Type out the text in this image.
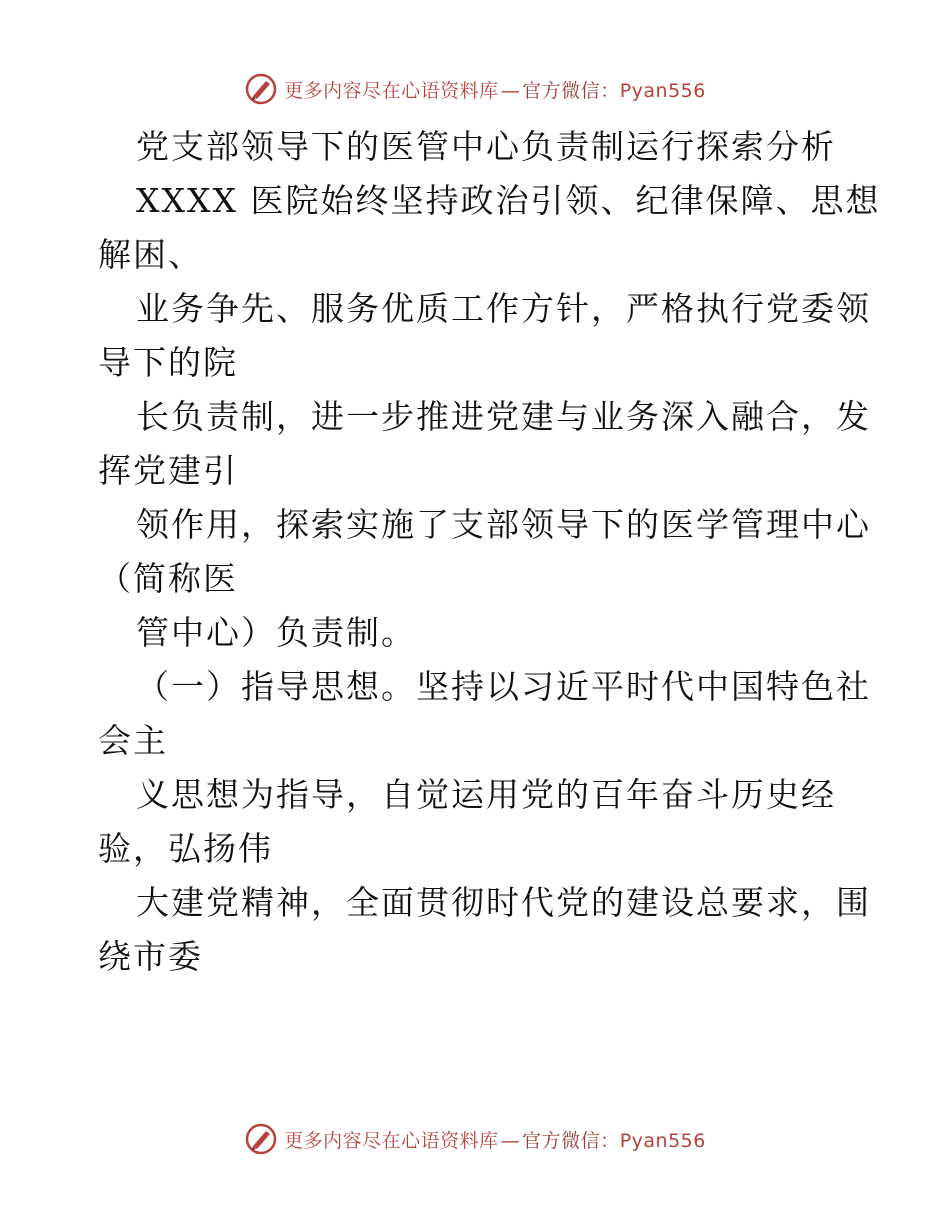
更多内容尽在心语资料库 — 官方微信：Pyan556
党支部领导下的医管中心负责制运行探索分析
XXXX 医院始终坚持政治引领、纪律保障、思想
解困、
业务争先、服务优质工作方针，严格执行党委领
导下的院
长负责制，进一步推进党建与业务深入融合，发
挥党建引
领作用，探索实施了支部领导下的医学管理中心
（简称医
管中心）负责制。
（一）指导思想。坚持以习近平时代中国特色社
会主
义思想为指导，自觉运用党的百年奋斗历史经
验，弘扬伟
大建党精神，全面贯彻时代党的建设总要求，围
绕市委
更多内容尽在心语资料库 — 官方微信：Pyan556
